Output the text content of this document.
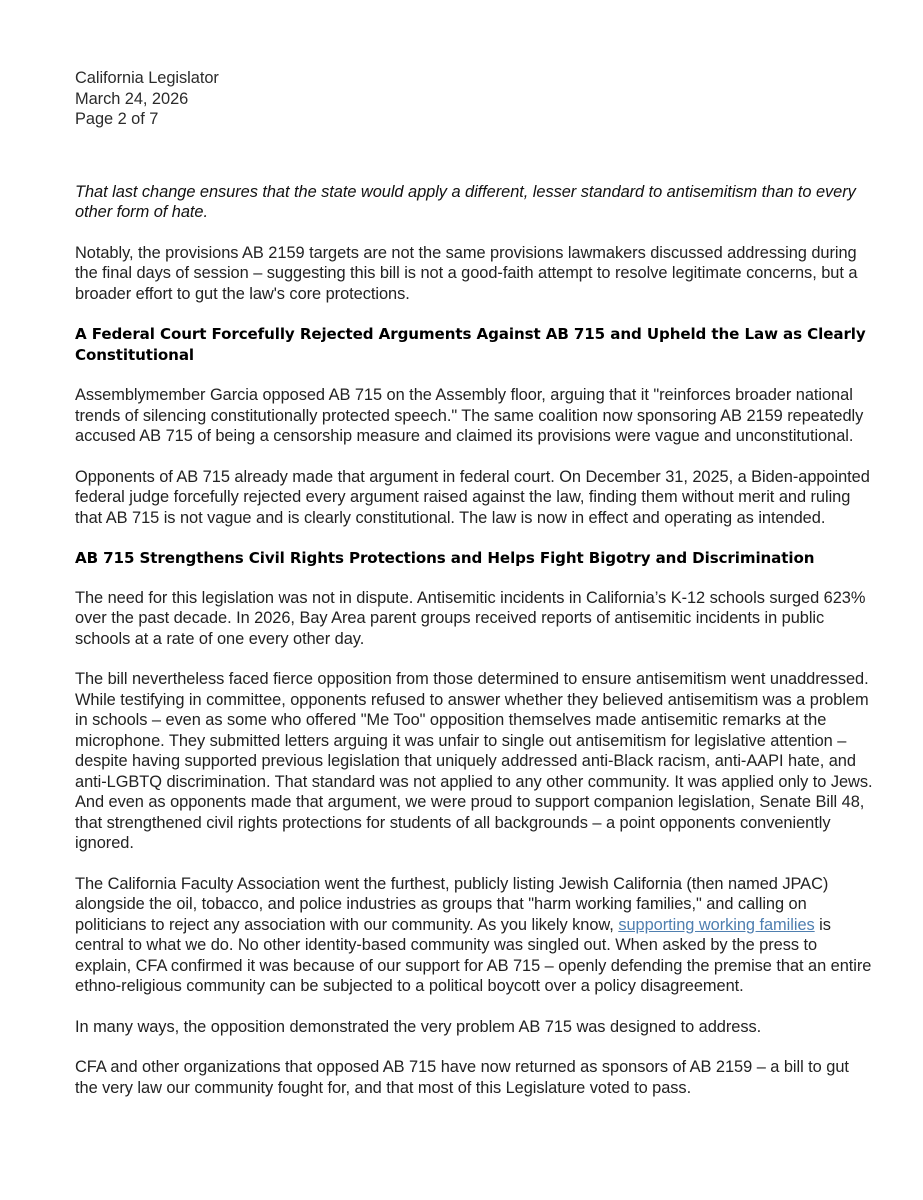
California Legislator

March 24, 2026

Page 2 of 7

That last change ensures that the state would apply a different, lesser standard to antisemitism than to every other form of hate.

Notably, the provisions AB 2159 targets are not the same provisions lawmakers discussed addressing during the final days of session – suggesting this bill is not a good-faith attempt to resolve legitimate concerns, but a broader effort to gut the law's core protections.

A Federal Court Forcefully Rejected Arguments Against AB 715 and Upheld the Law as Clearly Constitutional

Assemblymember Garcia opposed AB 715 on the Assembly floor, arguing that it "reinforces broader national trends of silencing constitutionally protected speech." The same coalition now sponsoring AB 2159 repeatedly accused AB 715 of being a censorship measure and claimed its provisions were vague and unconstitutional.

Opponents of AB 715 already made that argument in federal court. On December 31, 2025, a Biden-appointed federal judge forcefully rejected every argument raised against the law, finding them without merit and ruling that AB 715 is not vague and is clearly constitutional. The law is now in effect and operating as intended.

AB 715 Strengthens Civil Rights Protections and Helps Fight Bigotry and Discrimination

The need for this legislation was not in dispute. Antisemitic incidents in California’s K-12 schools surged 623% over the past decade. In 2026, Bay Area parent groups received reports of antisemitic incidents in public schools at a rate of one every other day.

The bill nevertheless faced fierce opposition from those determined to ensure antisemitism went unaddressed. While testifying in committee, opponents refused to answer whether they believed antisemitism was a problem in schools – even as some who offered "Me Too" opposition themselves made antisemitic remarks at the microphone. They submitted letters arguing it was unfair to single out antisemitism for legislative attention – despite having supported previous legislation that uniquely addressed anti-Black racism, anti-AAPI hate, and anti-LGBTQ discrimination. That standard was not applied to any other community. It was applied only to Jews. And even as opponents made that argument, we were proud to support companion legislation, Senate Bill 48, that strengthened civil rights protections for students of all backgrounds – a point opponents conveniently ignored.

The California Faculty Association went the furthest, publicly listing Jewish California (then named JPAC) alongside the oil, tobacco, and police industries as groups that "harm working families," and calling on politicians to reject any association with our community. As you likely know, supporting working families is central to what we do. No other identity-based community was singled out. When asked by the press to explain, CFA confirmed it was because of our support for AB 715 – openly defending the premise that an entire ethno-religious community can be subjected to a political boycott over a policy disagreement.

In many ways, the opposition demonstrated the very problem AB 715 was designed to address.

CFA and other organizations that opposed AB 715 have now returned as sponsors of AB 2159 – a bill to gut the very law our community fought for, and that most of this Legislature voted to pass.
